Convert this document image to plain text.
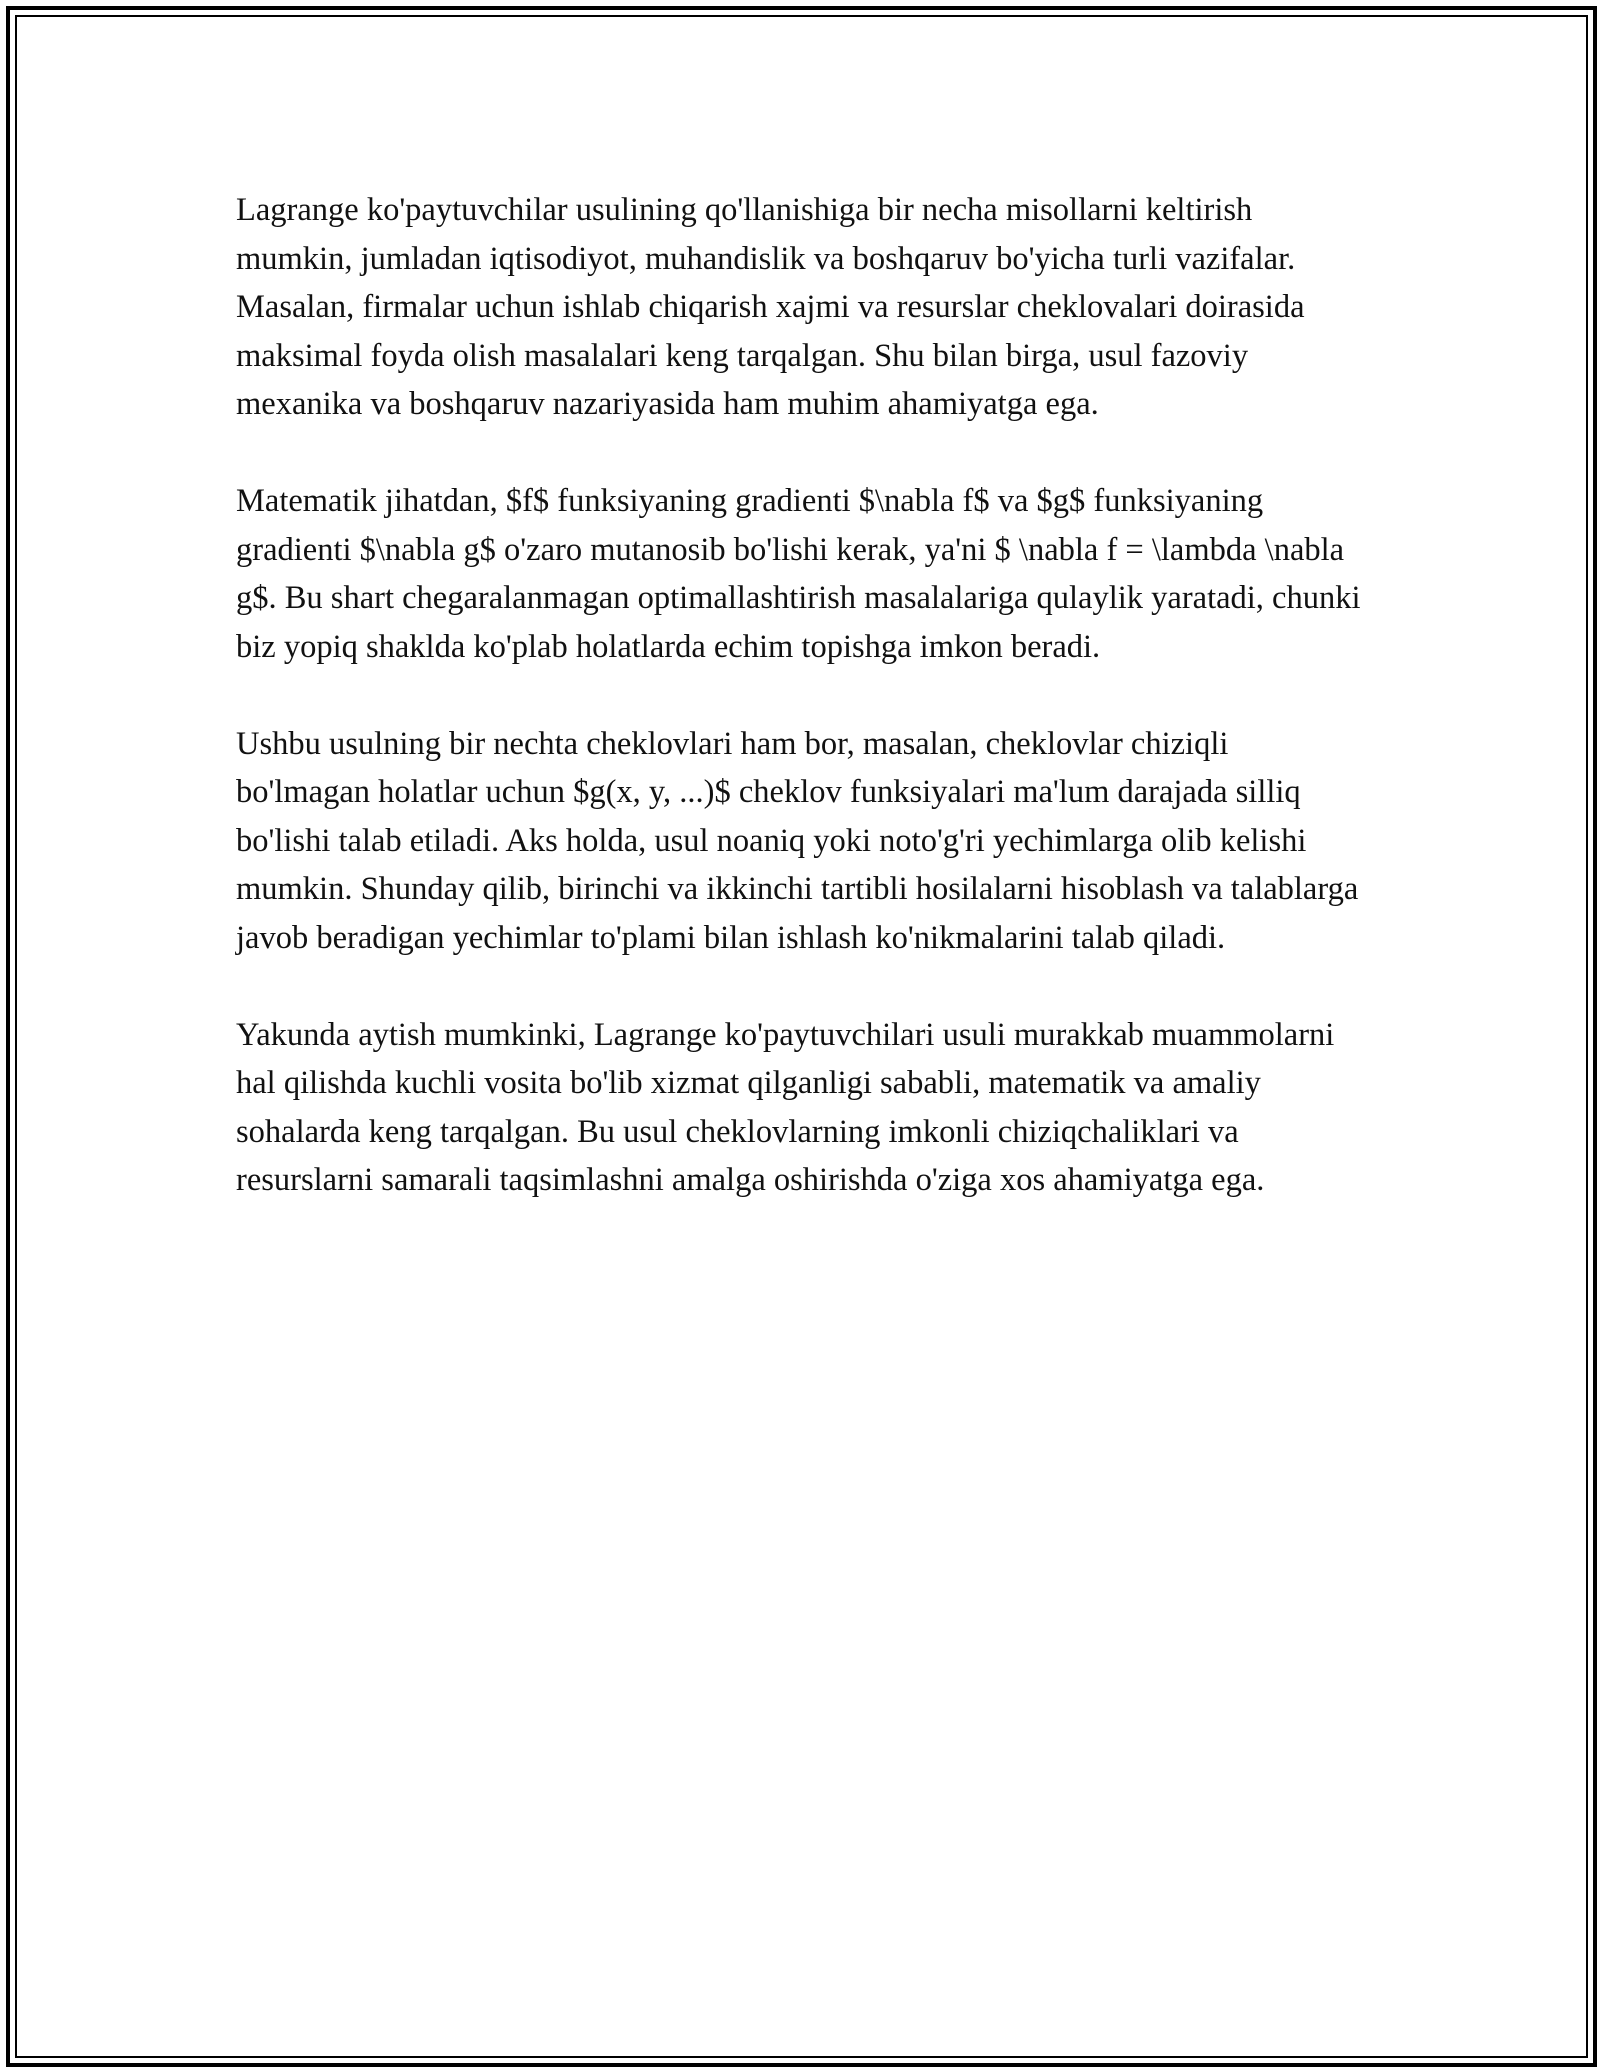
Lagrange ko'paytuvchilar usulining qo'llanishiga bir necha misollarni keltirish mumkin, jumladan iqtisodiyot, muhandislik va boshqaruv bo'yicha turli vazifalar. Masalan, firmalar uchun ishlab chiqarish xajmi va resurslar cheklovalari doirasida maksimal foyda olish masalalari keng tarqalgan. Shu bilan birga, usul fazoviy mexanika va boshqaruv nazariyasida ham muhim ahamiyatga ega.

Matematik jihatdan, $f$ funksiyaning gradienti $\nabla f$ va $g$ funksiyaning gradienti $\nabla g$ o'zaro mutanosib bo'lishi kerak, ya'ni $ \nabla f = \lambda \nabla g$. Bu shart chegaralanmagan optimallashtirish masalalariga qulaylik yaratadi, chunki biz yopiq shaklda ko'plab holatlarda echim topishga imkon beradi.

Ushbu usulning bir nechta cheklovlari ham bor, masalan, cheklovlar chiziqli bo'lmagan holatlar uchun $g(x, y, ...)$ cheklov funksiyalari ma'lum darajada silliq bo'lishi talab etiladi. Aks holda, usul noaniq yoki noto'g'ri yechimlarga olib kelishi mumkin. Shunday qilib, birinchi va ikkinchi tartibli hosilalarni hisoblash va talablarga javob beradigan yechimlar to'plami bilan ishlash ko'nikmalarini talab qiladi.

Yakunda aytish mumkinki, Lagrange ko'paytuvchilari usuli murakkab muammolarni hal qilishda kuchli vosita bo'lib xizmat qilganligi sababli, matematik va amaliy sohalarda keng tarqalgan. Bu usul cheklovlarning imkonli chiziqchaliklari va resurslarni samarali taqsimlashni amalga oshirishda o'ziga xos ahamiyatga ega.
